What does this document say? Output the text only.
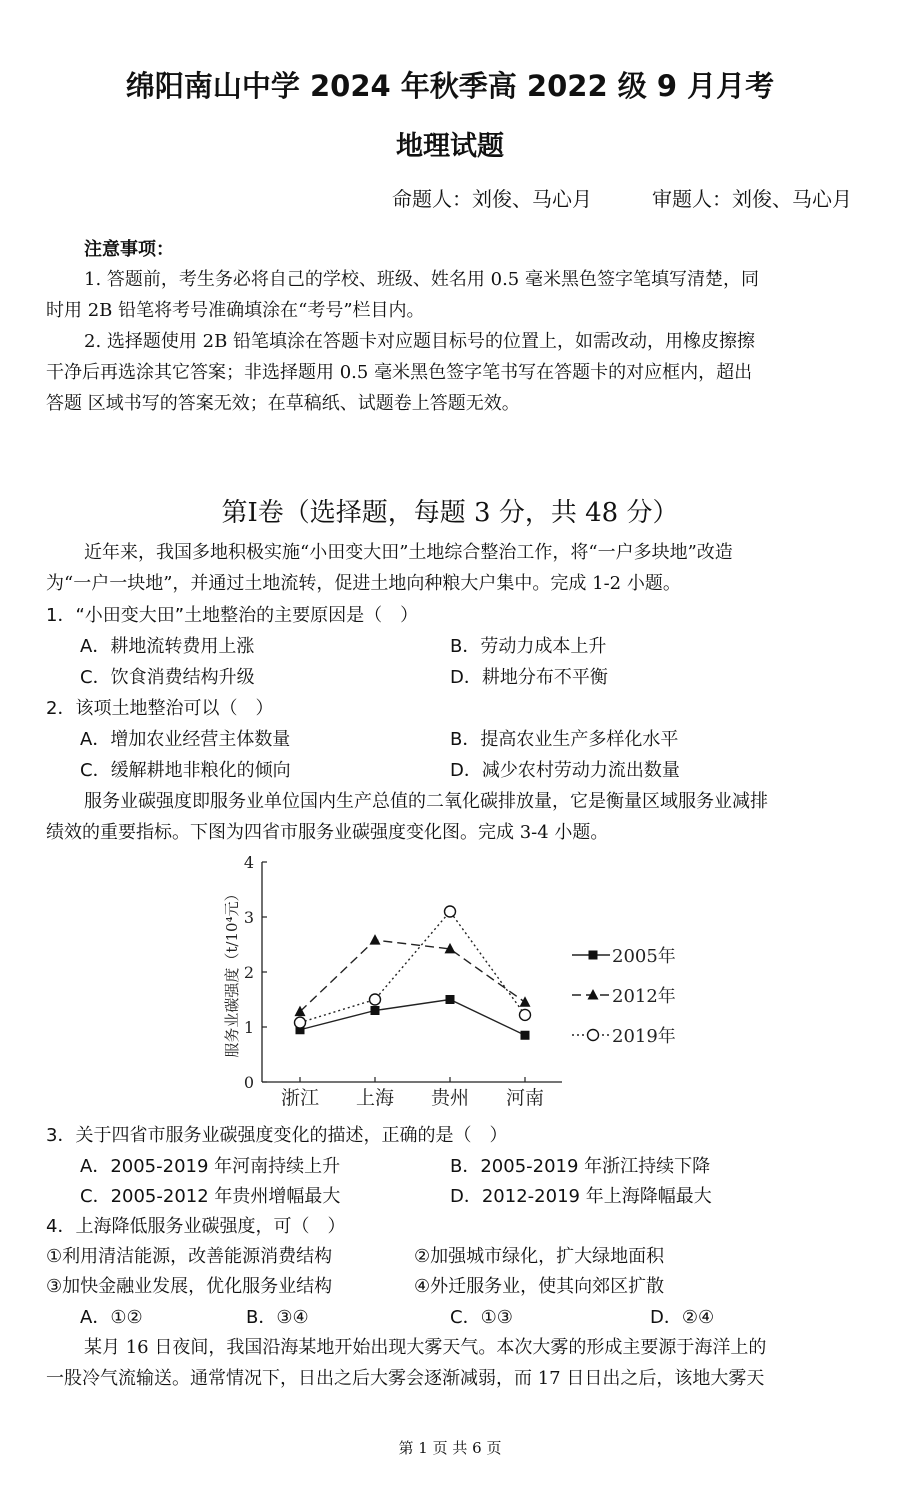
绵阳南山中学 2024 年秋季高 2022 级 9 月月考
地理试题
命题人：刘俊、马心月　　　审题人：刘俊、马心月
注意事项：
1. 答题前，考生务必将自己的学校、班级、姓名用 0.5 毫米黑色签字笔填写清楚，同
时用 2B 铅笔将考号准确填涂在“考号”栏目内。
2. 选择题使用 2B 铅笔填涂在答题卡对应题目标号的位置上，如需改动，用橡皮擦擦
干净后再选涂其它答案；非选择题用 0.5 毫米黑色签字笔书写在答题卡的对应框内，超出
答题 区域书写的答案无效；在草稿纸、试题卷上答题无效。
第Ⅰ卷（选择题，每题 3 分，共 48 分）
近年来，我国多地积极实施“小田变大田”土地综合整治工作，将“一户多块地”改造
为“一户一块地”，并通过土地流转，促进土地向种粮大户集中。完成 1-2 小题。
1．“小田变大田”土地整治的主要原因是（　）
A．耕地流转费用上涨	B．劳动力成本上升
C．饮食消费结构升级	D．耕地分布不平衡
2．该项土地整治可以（　）
A．增加农业经营主体数量	B．提高农业生产多样化水平
C．缓解耕地非粮化的倾向	D．减少农村劳动力流出数量
服务业碳强度即服务业单位国内生产总值的二氧化碳排放量，它是衡量区域服务业减排
绩效的重要指标。下图为四省市服务业碳强度变化图。完成 3-4 小题。
0
1
2
3
4
浙江 上海 贵州 河南
服务业碳强度（t/10⁴元）	2005年
2012年
2019年
3．关于四省市服务业碳强度变化的描述，正确的是（　）
A．2005-2019 年河南持续上升	B．2005-2019 年浙江持续下降
C．2005-2012 年贵州增幅最大	D．2012-2019 年上海降幅最大
4．上海降低服务业碳强度，可（　）
①利用清洁能源，改善能源消费结构	②加强城市绿化，扩大绿地面积
③加快金融业发展，优化服务业结构	④外迁服务业，使其向郊区扩散
A．①②	B．③④	C．①③	D．②④
某月 16 日夜间，我国沿海某地开始出现大雾天气。本次大雾的形成主要源于海洋上的
一股冷气流输送。通常情况下，日出之后大雾会逐渐减弱，而 17 日日出之后，该地大雾天
第 1 页 共 6 页
